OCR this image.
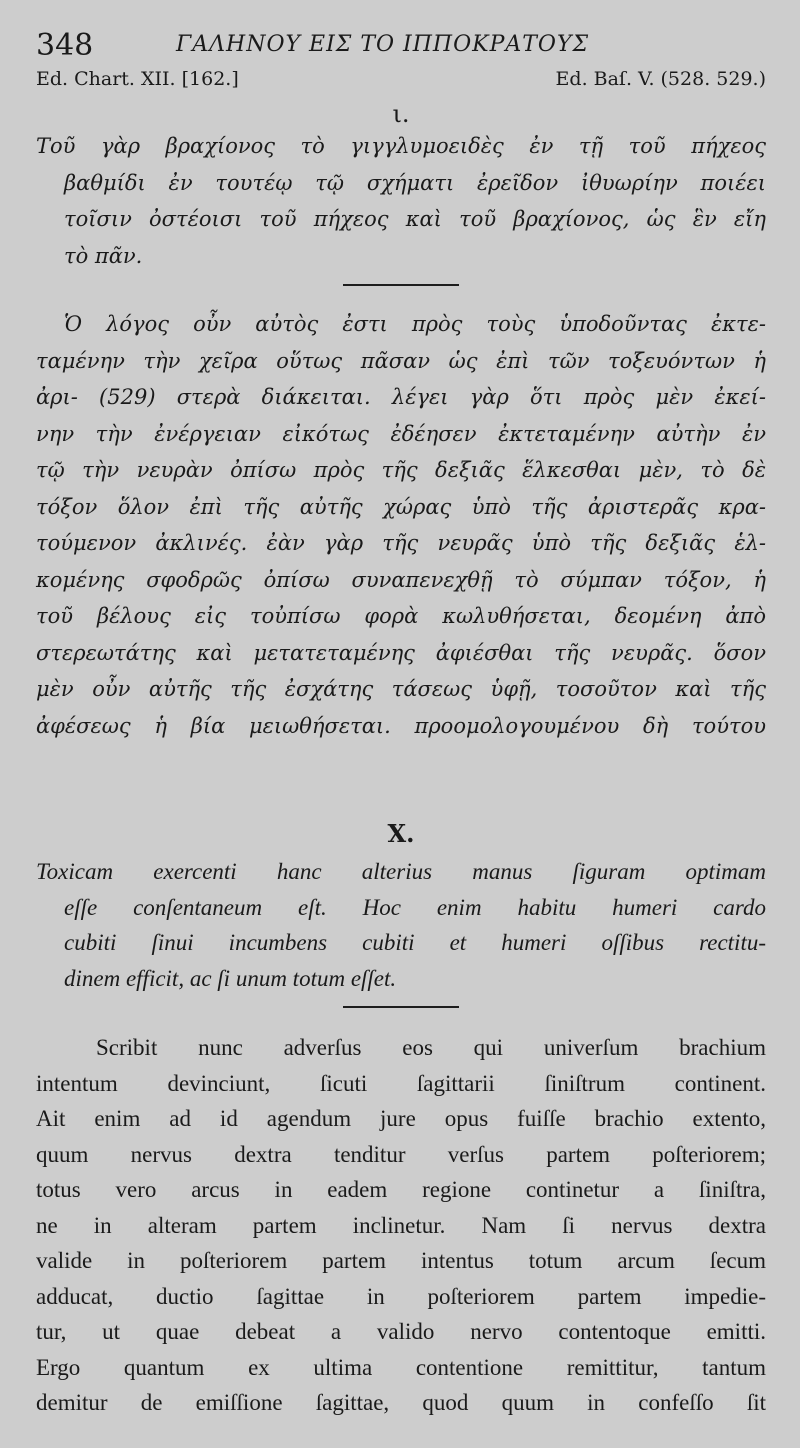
348	ΓΑΛΗΝΟΥ ΕΙΣ ΤΟ ΙΠΠΟΚΡΑΤΟΥΣ
Ed. Chart. XII. [162.]	Ed. Baſ. V. (528. 529.)
ι.
Τοῦ γὰρ βραχίονος τὸ γιγγλυμοειδὲς ἐν τῇ τοῦ πήχεος
βαθμίδι ἐν τουτέῳ τῷ σχήματι ἐρεῖδον ἰθυωρίην ποιέει
τοῖσιν ὀστέοισι τοῦ πήχεος καὶ τοῦ βραχίονος, ὡς ἓν εἴη
τὸ πᾶν.
Ὁ λόγος οὖν αὐτὸς ἐστι πρὸς τοὺς ὑποδοῦντας ἐκτε-
ταμένην τὴν χεῖρα οὕτως πᾶσαν ὡς ἐπὶ τῶν τοξευόντων ἡ
ἀρι- (529) στερὰ διάκειται. λέγει γὰρ ὅτι πρὸς μὲν ἐκεί-
νην τὴν ἐνέργειαν εἰκότως ἐδέησεν ἐκτεταμένην αὐτὴν ἐν
τῷ τὴν νευρὰν ὀπίσω πρὸς τῆς δεξιᾶς ἕλκεσθαι μὲν, τὸ δὲ
τόξον ὅλον ἐπὶ τῆς αὐτῆς χώρας ὑπὸ τῆς ἀριστερᾶς κρα-
τούμενον ἀκλινές. ἐὰν γὰρ τῆς νευρᾶς ὑπὸ τῆς δεξιᾶς ἑλ-
κομένης σφοδρῶς ὀπίσω συναπενεχθῇ τὸ σύμπαν τόξον, ἡ
τοῦ βέλους εἰς τοὐπίσω φορὰ κωλυθήσεται, δεομένη ἀπὸ
στερεωτάτης καὶ μετατεταμένης ἀφιέσθαι τῆς νευρᾶς. ὅσον
μὲν οὖν αὐτῆς τῆς ἐσχάτης τάσεως ὑφῇ, τοσοῦτον καὶ τῆς
ἀφέσεως ἡ βία μειωθήσεται. προομολογουμένου δὴ τούτου
X.
Toxicam exercenti hanc alterius manus ſiguram optimam
eſſe conſentaneum eſt. Hoc enim habitu humeri cardo
cubiti ſinui incumbens cubiti et humeri oſſibus rectitu-
dinem efficit, ac ſi unum totum eſſet.
Scribit nunc adverſus eos qui univerſum brachium
intentum devinciunt, ſicuti ſagittarii ſiniſtrum continent.
Ait enim ad id agendum jure opus fuiſſe brachio extento,
quum nervus dextra tenditur verſus partem poſteriorem;
totus vero arcus in eadem regione continetur a ſiniſtra,
ne in alteram partem inclinetur. Nam ſi nervus dextra
valide in poſteriorem partem intentus totum arcum ſecum
adducat, ductio ſagittae in poſteriorem partem impedie-
tur, ut quae debeat a valido nervo contentoque emitti.
Ergo quantum ex ultima contentione remittitur, tantum
demitur de emiſſione ſagittae, quod quum in confeſſo ſit
